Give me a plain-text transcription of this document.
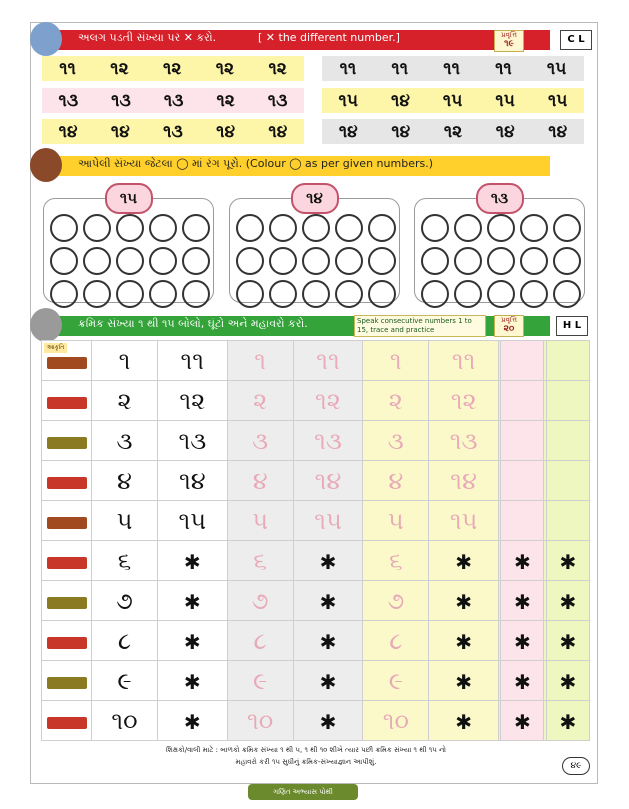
અલગ પડતી સંખ્યા પર ✕ કરો.	[ ✕ the different number.]	પ્રવૃત્તિ
૧૯	C L
૧૧ ૧૨ ૧૨ ૧૨ ૧૨
૧૩ ૧૩ ૧૩ ૧૨ ૧૩
૧૪ ૧૪ ૧૩ ૧૪ ૧૪
૧૧ ૧૧ ૧૧ ૧૧ ૧૫
૧૫ ૧૪ ૧૫ ૧૫ ૧૫
૧૪ ૧૪ ૧૨ ૧૪ ૧૪
આપેલી સંખ્યા જેટલા ◯ માં રંગ પૂરો. (Colour ◯ as per given numbers.)
૧૫	૧૪	૧૩
ક્રમિક સંખ્યા ૧ થી ૧૫ બોલો, ઘૂંટો અને મહાવરો કરો.	Speak consecutive numbers 1 to 15, trace and practice
પ્રવૃત્તિ
૨૦	H L
	૧	૧૧	૧	૧૧	૧	૧૧				
	૨	૧૨	૨	૧૨	૨	૧૨				
	૩	૧૩	૩	૧૩	૩	૧૩				
	૪	૧૪	૪	૧૪	૪	૧૪				
	૫	૧૫	૫	૧૫	૫	૧૫				
	૬	✱	૬	✱	૬	✱		✱		✱
	૭	✱	૭	✱	૭	✱		✱		✱
	૮	✱	૮	✱	૮	✱		✱		✱
	૯	✱	૯	✱	૯	✱		✱		✱
	૧૦	✱	૧૦	✱	૧૦	✱		✱		✱
આકૃતિ
શિક્ષકો/વાલી માટે : બાળકો ક્રમિક સંખ્યા ૧ થી ૫, ૧ થી ૧૦ શીખે ત્યાર પછી ક્રમિક સંખ્યા ૧ થી ૧૫ નો
મહાવરો કરી ૧૫ સુધીનું ક્રમિક-સંખ્યાજ્ઞાન આપીશું.	૪૯
ગણિત અભ્યાસ પોથી
